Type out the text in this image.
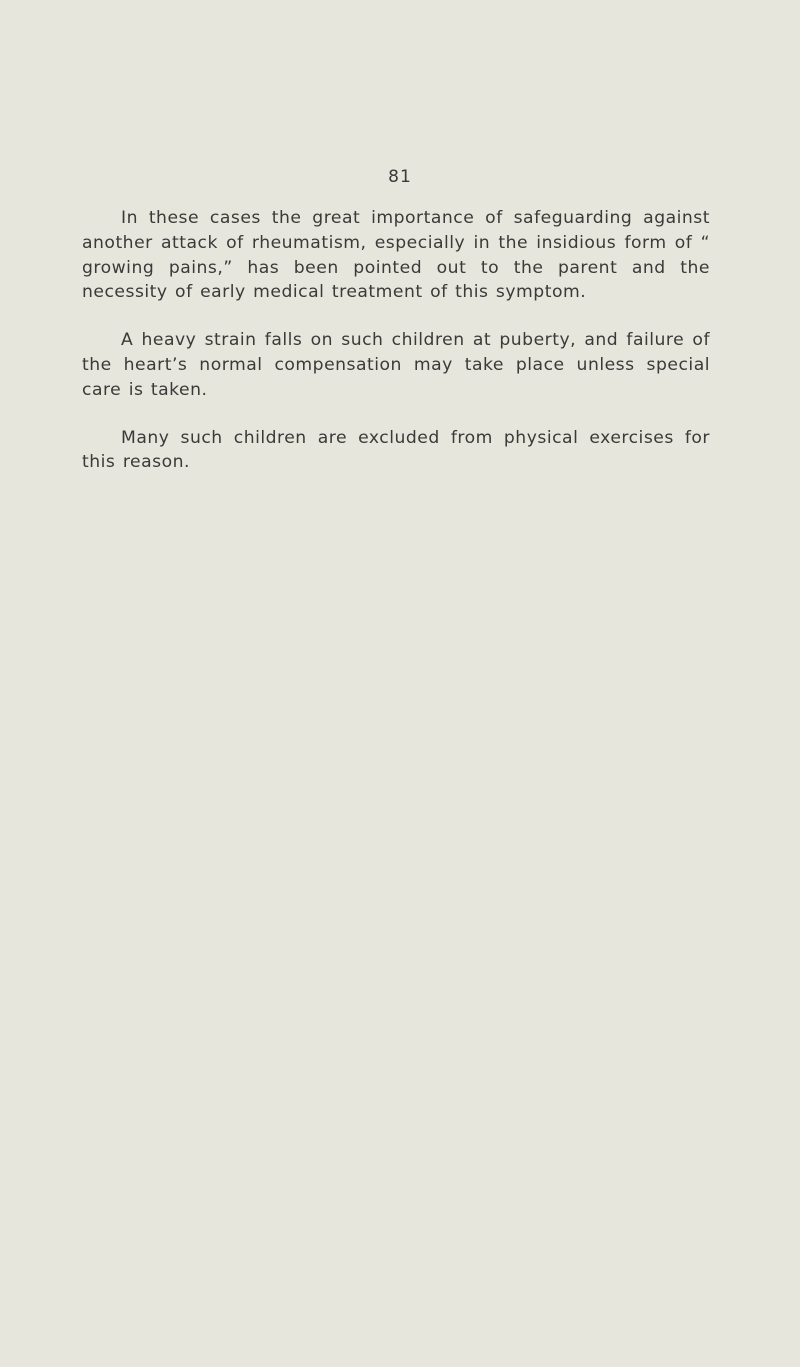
81

In these cases the great importance of safeguarding against another attack of rheumatism, especially in the insidious form of “ growing pains,” has been pointed out to the parent and the necessity of early medical treatment of this symptom.

A heavy strain falls on such children at puberty, and failure of the heart’s normal compensation may take place unless special care is taken.

Many such children are excluded from physical exercises for this reason.
